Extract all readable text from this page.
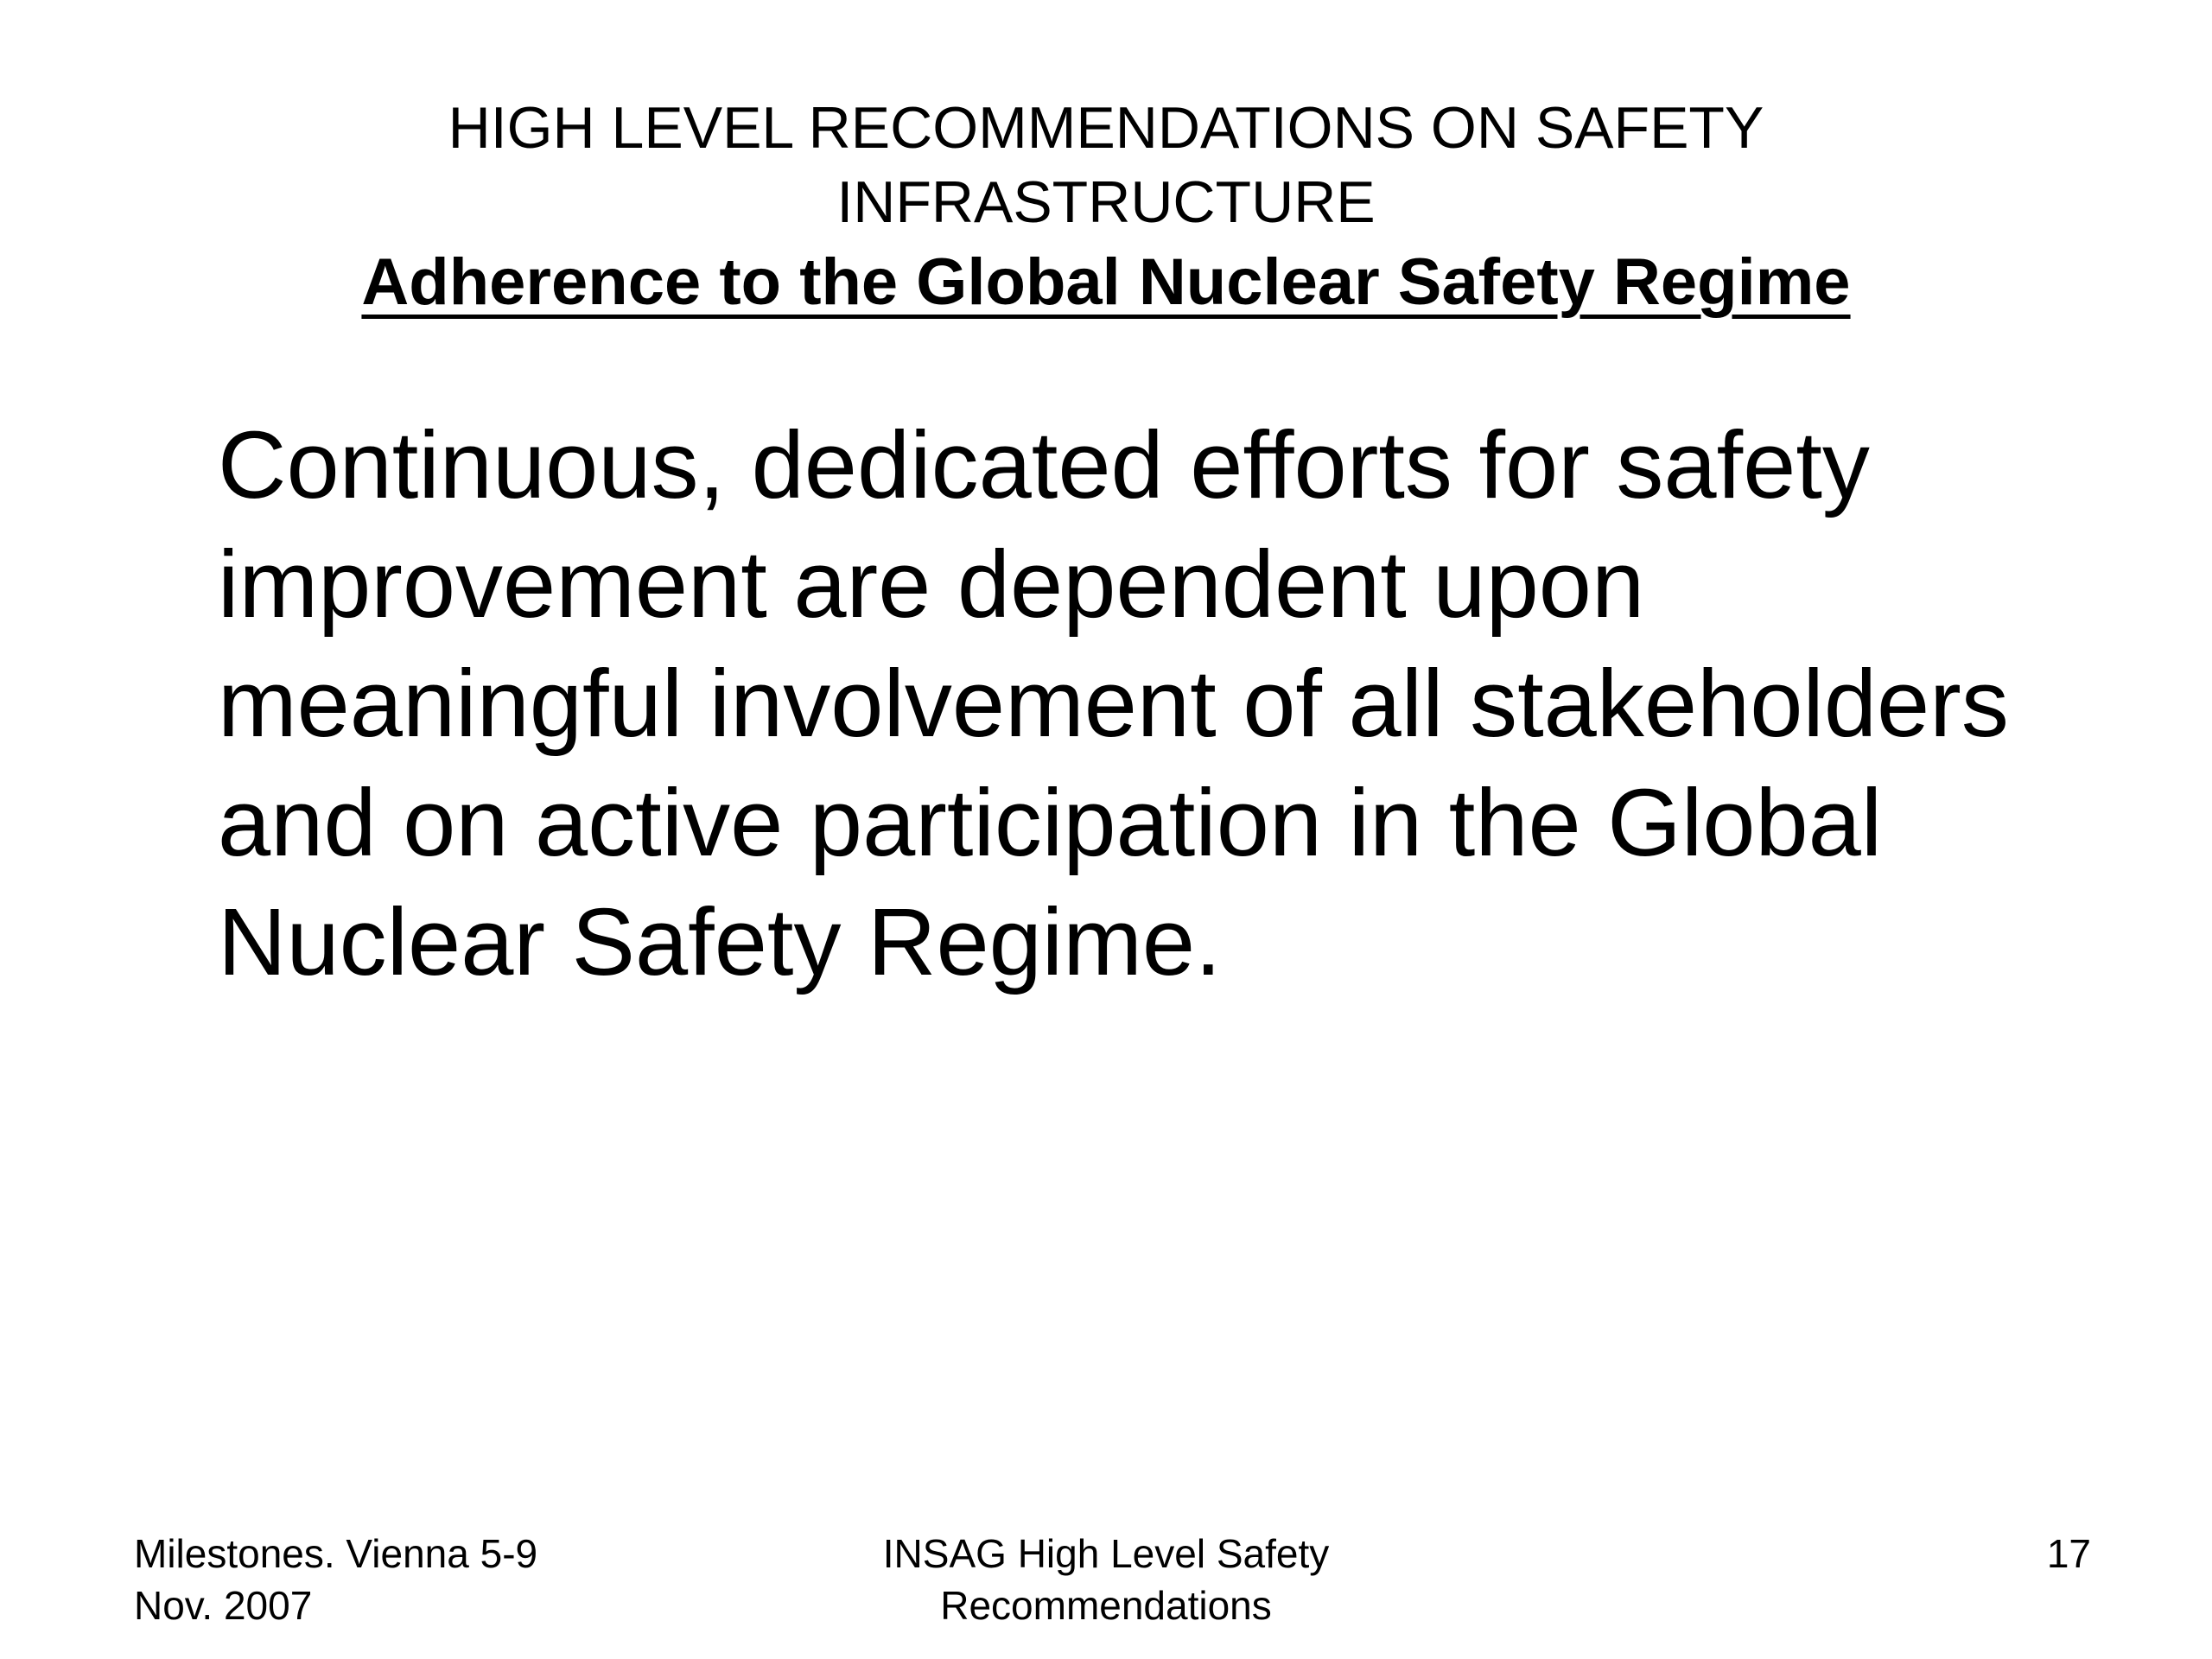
HIGH LEVEL RECOMMENDATIONS ON SAFETY
INFRASTRUCTURE
Adherence to the Global Nuclear Safety Regime
Continuous, dedicated efforts for safety improvement are dependent upon meaningful involvement of all stakeholders and on active participation in the Global Nuclear Safety Regime.
Milestones. Vienna 5-9
Nov. 2007
INSAG High Level Safety
Recommendations
17
